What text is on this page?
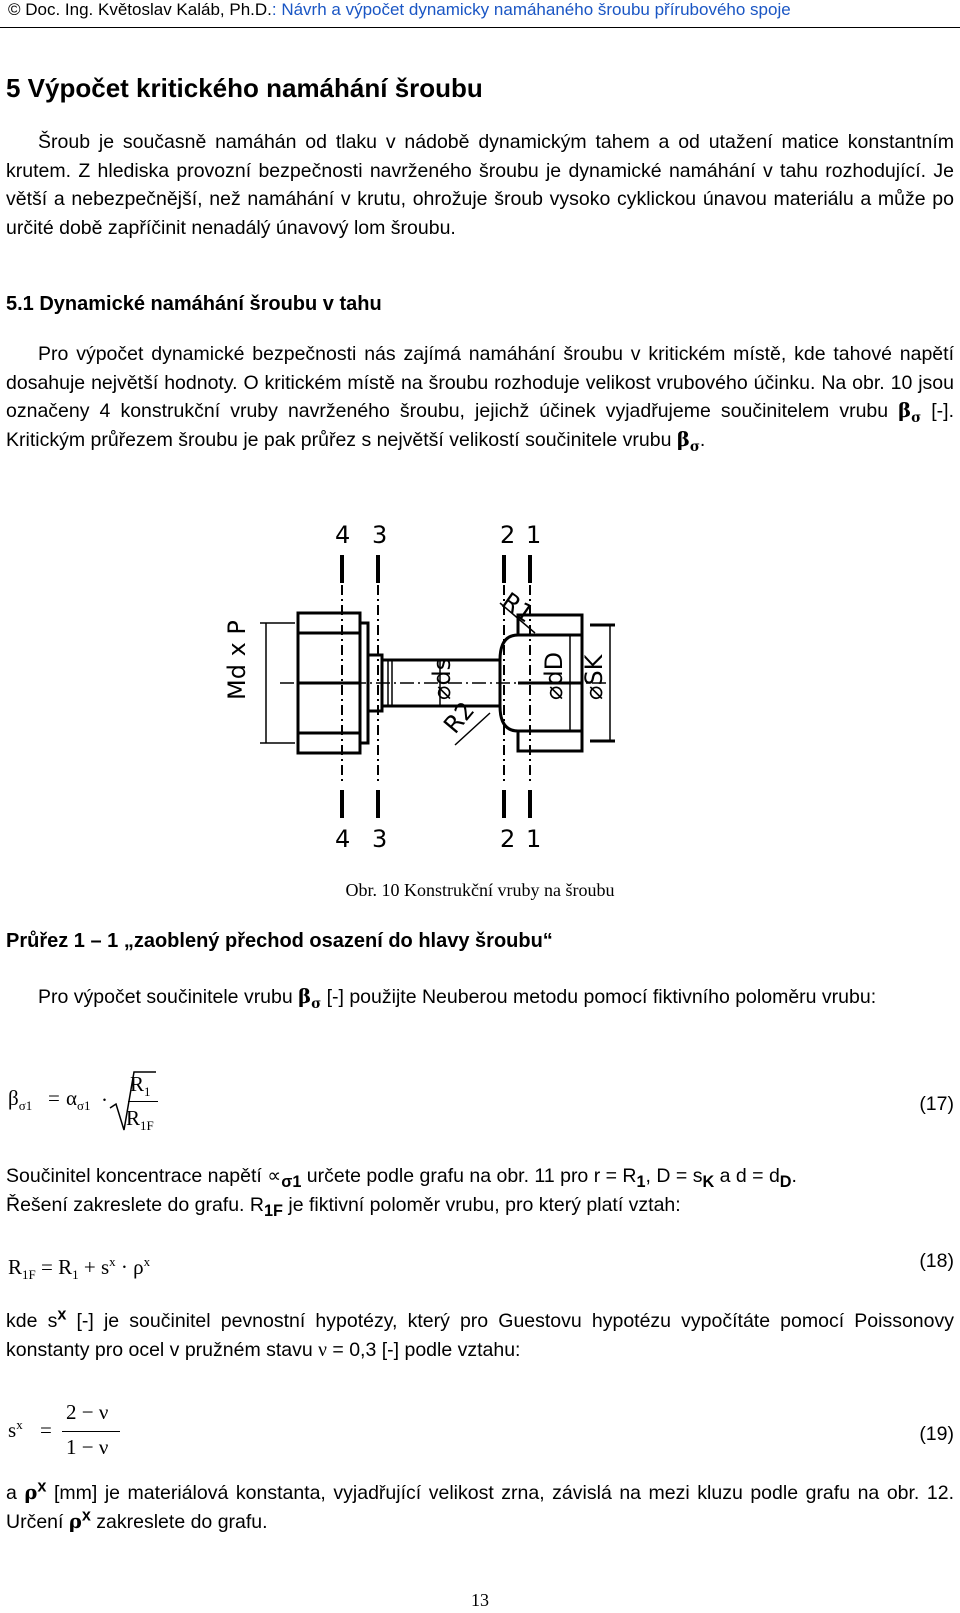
© Doc. Ing. Květoslav Kaláb, Ph.D.: Návrh a výpočet dynamicky namáhaného šroubu přírubového spoje
5 Výpočet kritického namáhání šroubu
Šroub je současně namáhán od tlaku v nádobě dynamickým tahem a od utažení matice konstantním krutem. Z hlediska provozní bezpečnosti navrženého šroubu je dynamické namáhání v tahu rozhodující. Je větší a nebezpečnější, než namáhání v krutu, ohrožuje šroub vysoko cyklickou únavou materiálu a může po určité době zapříčinit nenadálý únavový lom šroubu.
5.1 Dynamické namáhání šroubu v tahu
Pro výpočet dynamické bezpečnosti nás zajímá namáhání šroubu v kritickém místě, kde tahové napětí dosahuje největší hodnoty. O kritickém místě na šroubu rozhoduje velikost vrubového účinku. Na obr. 10 jsou označeny 4 konstrukční vruby navrženého šroubu, jejichž účinek vyjadřujeme součinitelem vrubu $\beta_\sigma$ [-]. Kritickým průřezem šroubu je pak průřez s největší velikostí součinitele vrubu $\beta_\sigma$.
4 3	2 1
4 3	2 1
Md x P	⌀ds	⌀dD ⌀SK
R1
R2
Obr. 10 Konstrukční vruby na šroubu
Průřez 1 – 1 „zaoblený přechod osazení do hlavy šroubu“
Pro výpočet součinitele vrubu $\beta_\sigma$ [-] použijte Neuberou metodu pomocí fiktivního poloměru vrubu:
$\beta_{\sigma 1} = \alpha_{\sigma 1}$ ·
$R_1$
$R_{1F}$
(17)
Součinitel koncentrace napětí $\propto_{\sigma 1}$ určete podle grafu na obr. 11 pro $r = R_1$, $D = s_K$ a $d = d_D$.
Řešení zakreslete do grafu. $R_{1F}$ je fiktivní poloměr vrubu, pro který platí vztah:
$R_{1F} = R_1 + s^x \cdot \rho^x$	(18)
kde $s^x$ [-] je součinitel pevnostní hypotézy, který pro Guestovu hypotézu vypočítáte pomocí Poissonovy konstanty pro ocel v pružném stavu ν = 0,3 [-] podle vztahu:
$s^x$ =
2 − ν
1 − ν
(19)
a $\rho^x$ [mm] je materiálová konstanta, vyjadřující velikost zrna, závislá na mezi kluzu podle grafu na obr. 12. Určení $\rho^x$ zakreslete do grafu.
13
